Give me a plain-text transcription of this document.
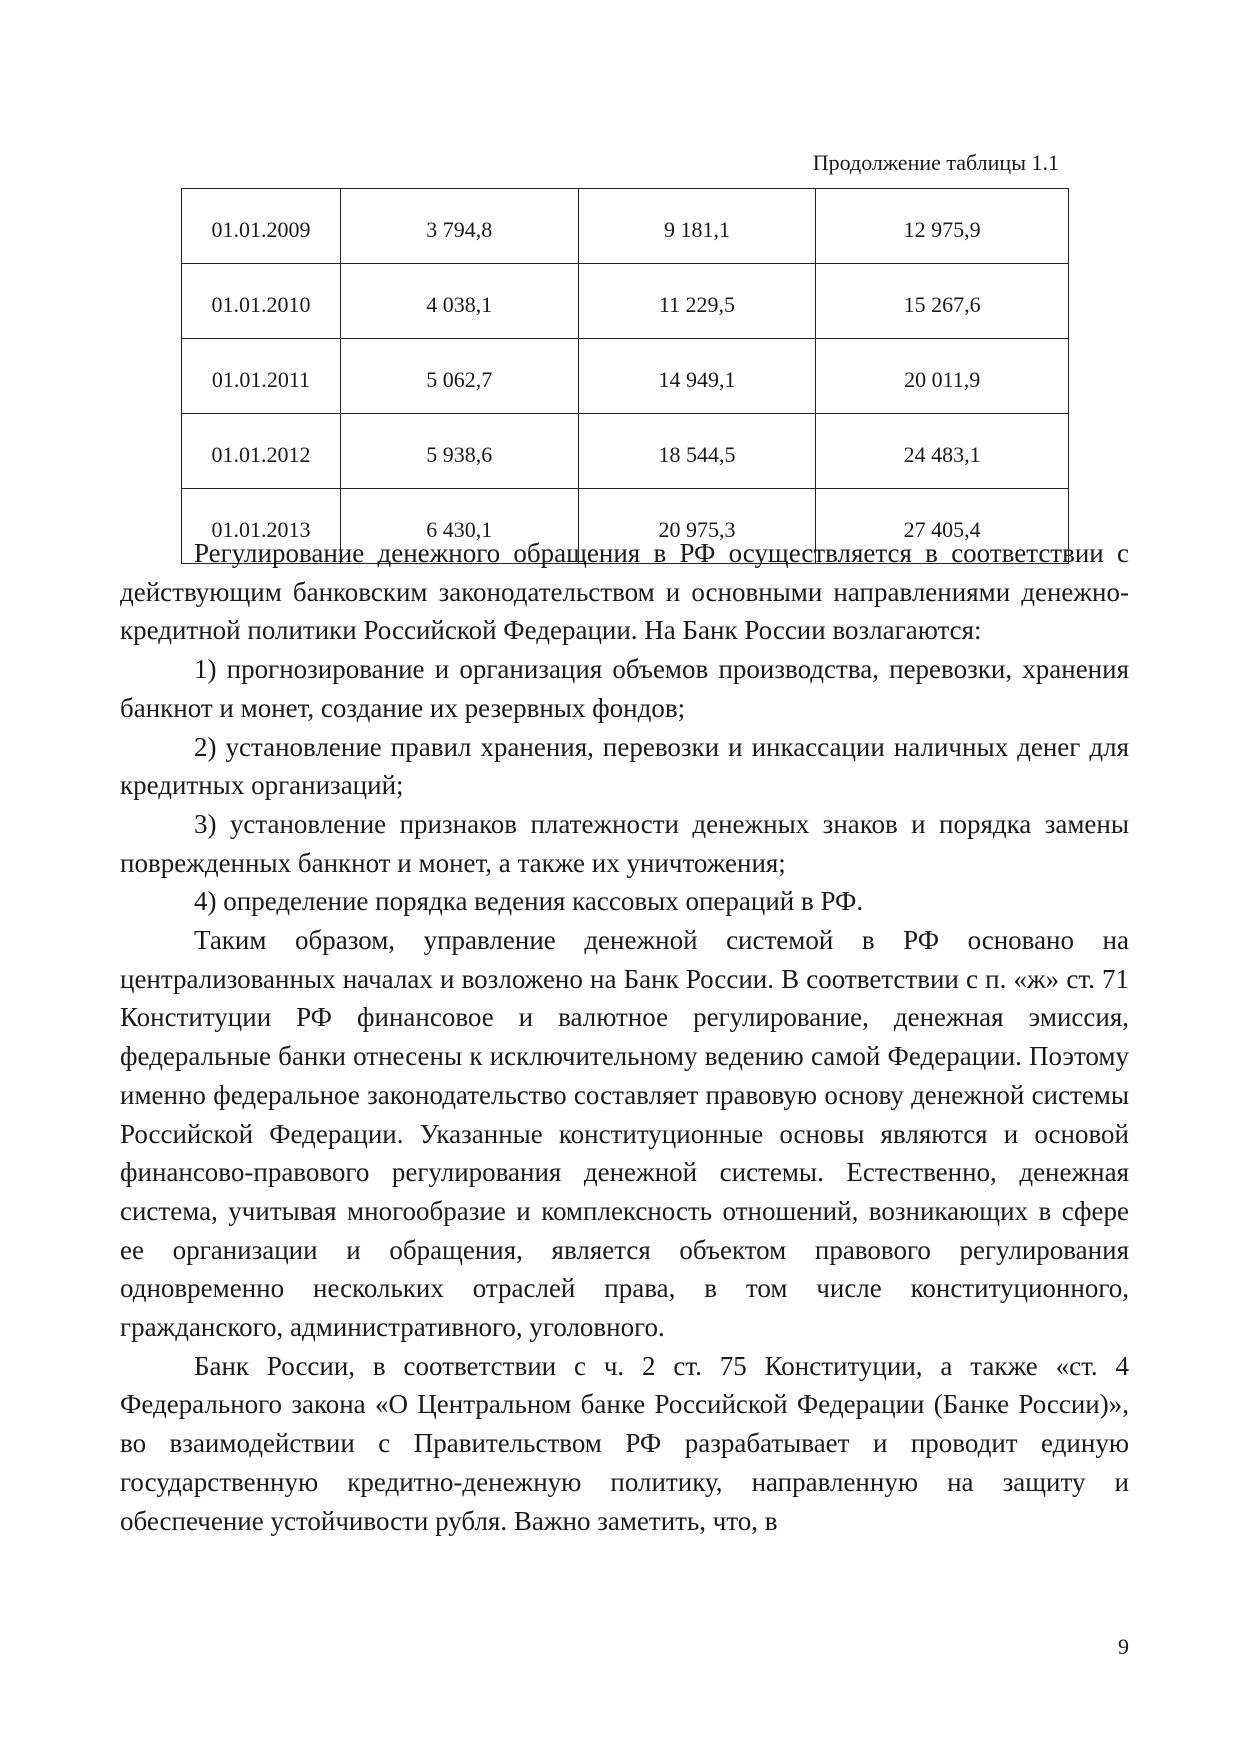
Продолжение таблицы 1.1
01.01.2009	3 794,8	9 181,1	12 975,9
01.01.2010	4 038,1	11 229,5	15 267,6
01.01.2011	5 062,7	14 949,1	20 011,9
01.01.2012	5 938,6	18 544,5	24 483,1
01.01.2013	6 430,1	20 975,3	27 405,4

Регулирование денежного обращения в РФ осуществляется в соответствии с действующим банковским законодательством и основными направлениями денежно-кредитной политики Российской Федерации. На Банк России возлагаются:

1) прогнозирование и организация объемов производства, перевозки, хранения банкнот и монет, создание их резервных фондов;

2) установление правил хранения, перевозки и инкассации наличных денег для кредитных организаций;

3) установление признаков платежности денежных знаков и порядка замены поврежденных банкнот и монет, а также их уничтожения;

4) определение порядка ведения кассовых операций в РФ.

Таким образом, управление денежной системой в РФ основано на централизованных началах и возложено на Банк России. В соответствии с п. «ж» ст. 71 Конституции РФ финансовое и валютное регулирование, денежная эмиссия, федеральные банки отнесены к исключительному ведению самой Федерации. Поэтому именно федеральное законодательство составляет правовую основу денежной системы Российской Федерации. Указанные конституционные основы являются и основой финансово-правового регулирования денежной системы. Естественно, денежная система, учитывая многообразие и комплексность отношений, возникающих в сфере ее организации и обращения, является объектом правового регулирования одновременно нескольких отраслей права, в том числе конституционного, гражданского, административного, уголовного.

Банк России, в соответствии с ч. 2 ст. 75 Конституции, а также «ст. 4 Федерального закона «О Центральном банке Российской Федерации (Банке России)», во взаимодействии с Правительством РФ разрабатывает и проводит единую государственную кредитно-денежную политику, направленную на защиту и обеспечение устойчивости рубля. Важно заметить, что, в

9
